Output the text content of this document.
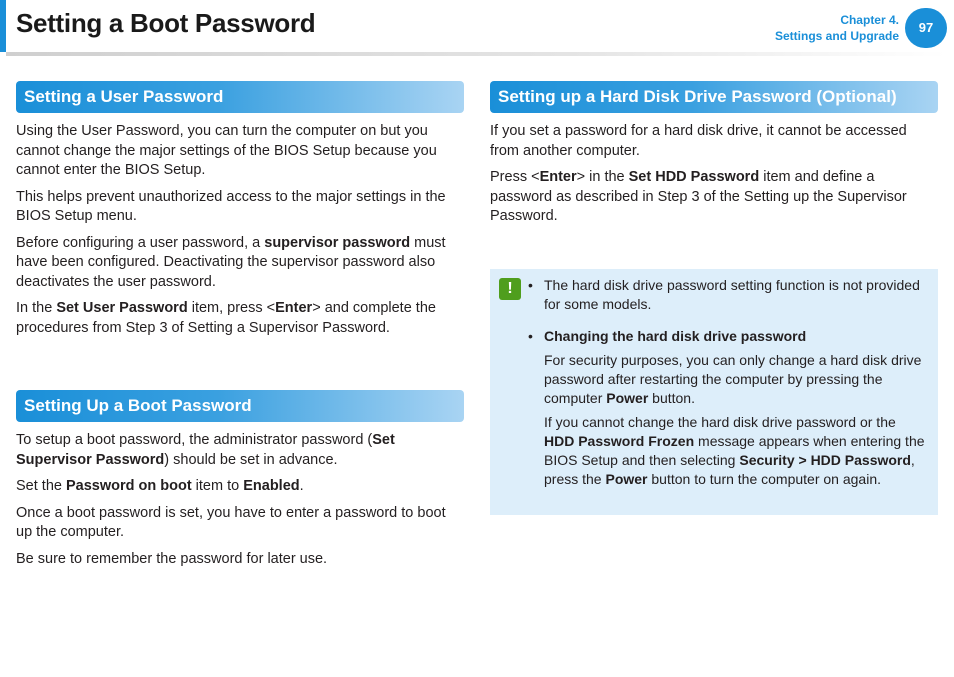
Setting a Boot Password	Chapter 4.
Settings and Upgrade
97
Setting a User Password

Using the User Password, you can turn the computer on but you cannot change the major settings of the BIOS Setup because you cannot enter the BIOS Setup.

This helps prevent unauthorized access to the major settings in the BIOS Setup menu.

Before configuring a user password, a supervisor password must have been configured. Deactivating the supervisor password also deactivates the user password.

In the Set User Password item, press <Enter> and complete the procedures from Step 3 of Setting a Supervisor Password.

Setting Up a Boot Password

To setup a boot password, the administrator password (Set Supervisor Password) should be set in advance.

Set the Password on boot item to Enabled.

Once a boot password is set, you have to enter a password to boot up the computer.

Be sure to remember the password for later use.

Setting up a Hard Disk Drive Password (Optional)

If you set a password for a hard disk drive, it cannot be accessed from another computer.

Press <Enter> in the Set HDD Password item and define a password as described in Step 3 of the Setting up the Supervisor Password.

!	• The hard disk drive password setting function is not provided for some models.
• Changing the hard disk drive password
For security purposes, you can only change a hard disk drive password after restarting the computer by pressing the computer Power button.
If you cannot change the hard disk drive password or the HDD Password Frozen message appears when entering the BIOS Setup and then selecting Security > HDD Password, press the Power button to turn the computer on again.
